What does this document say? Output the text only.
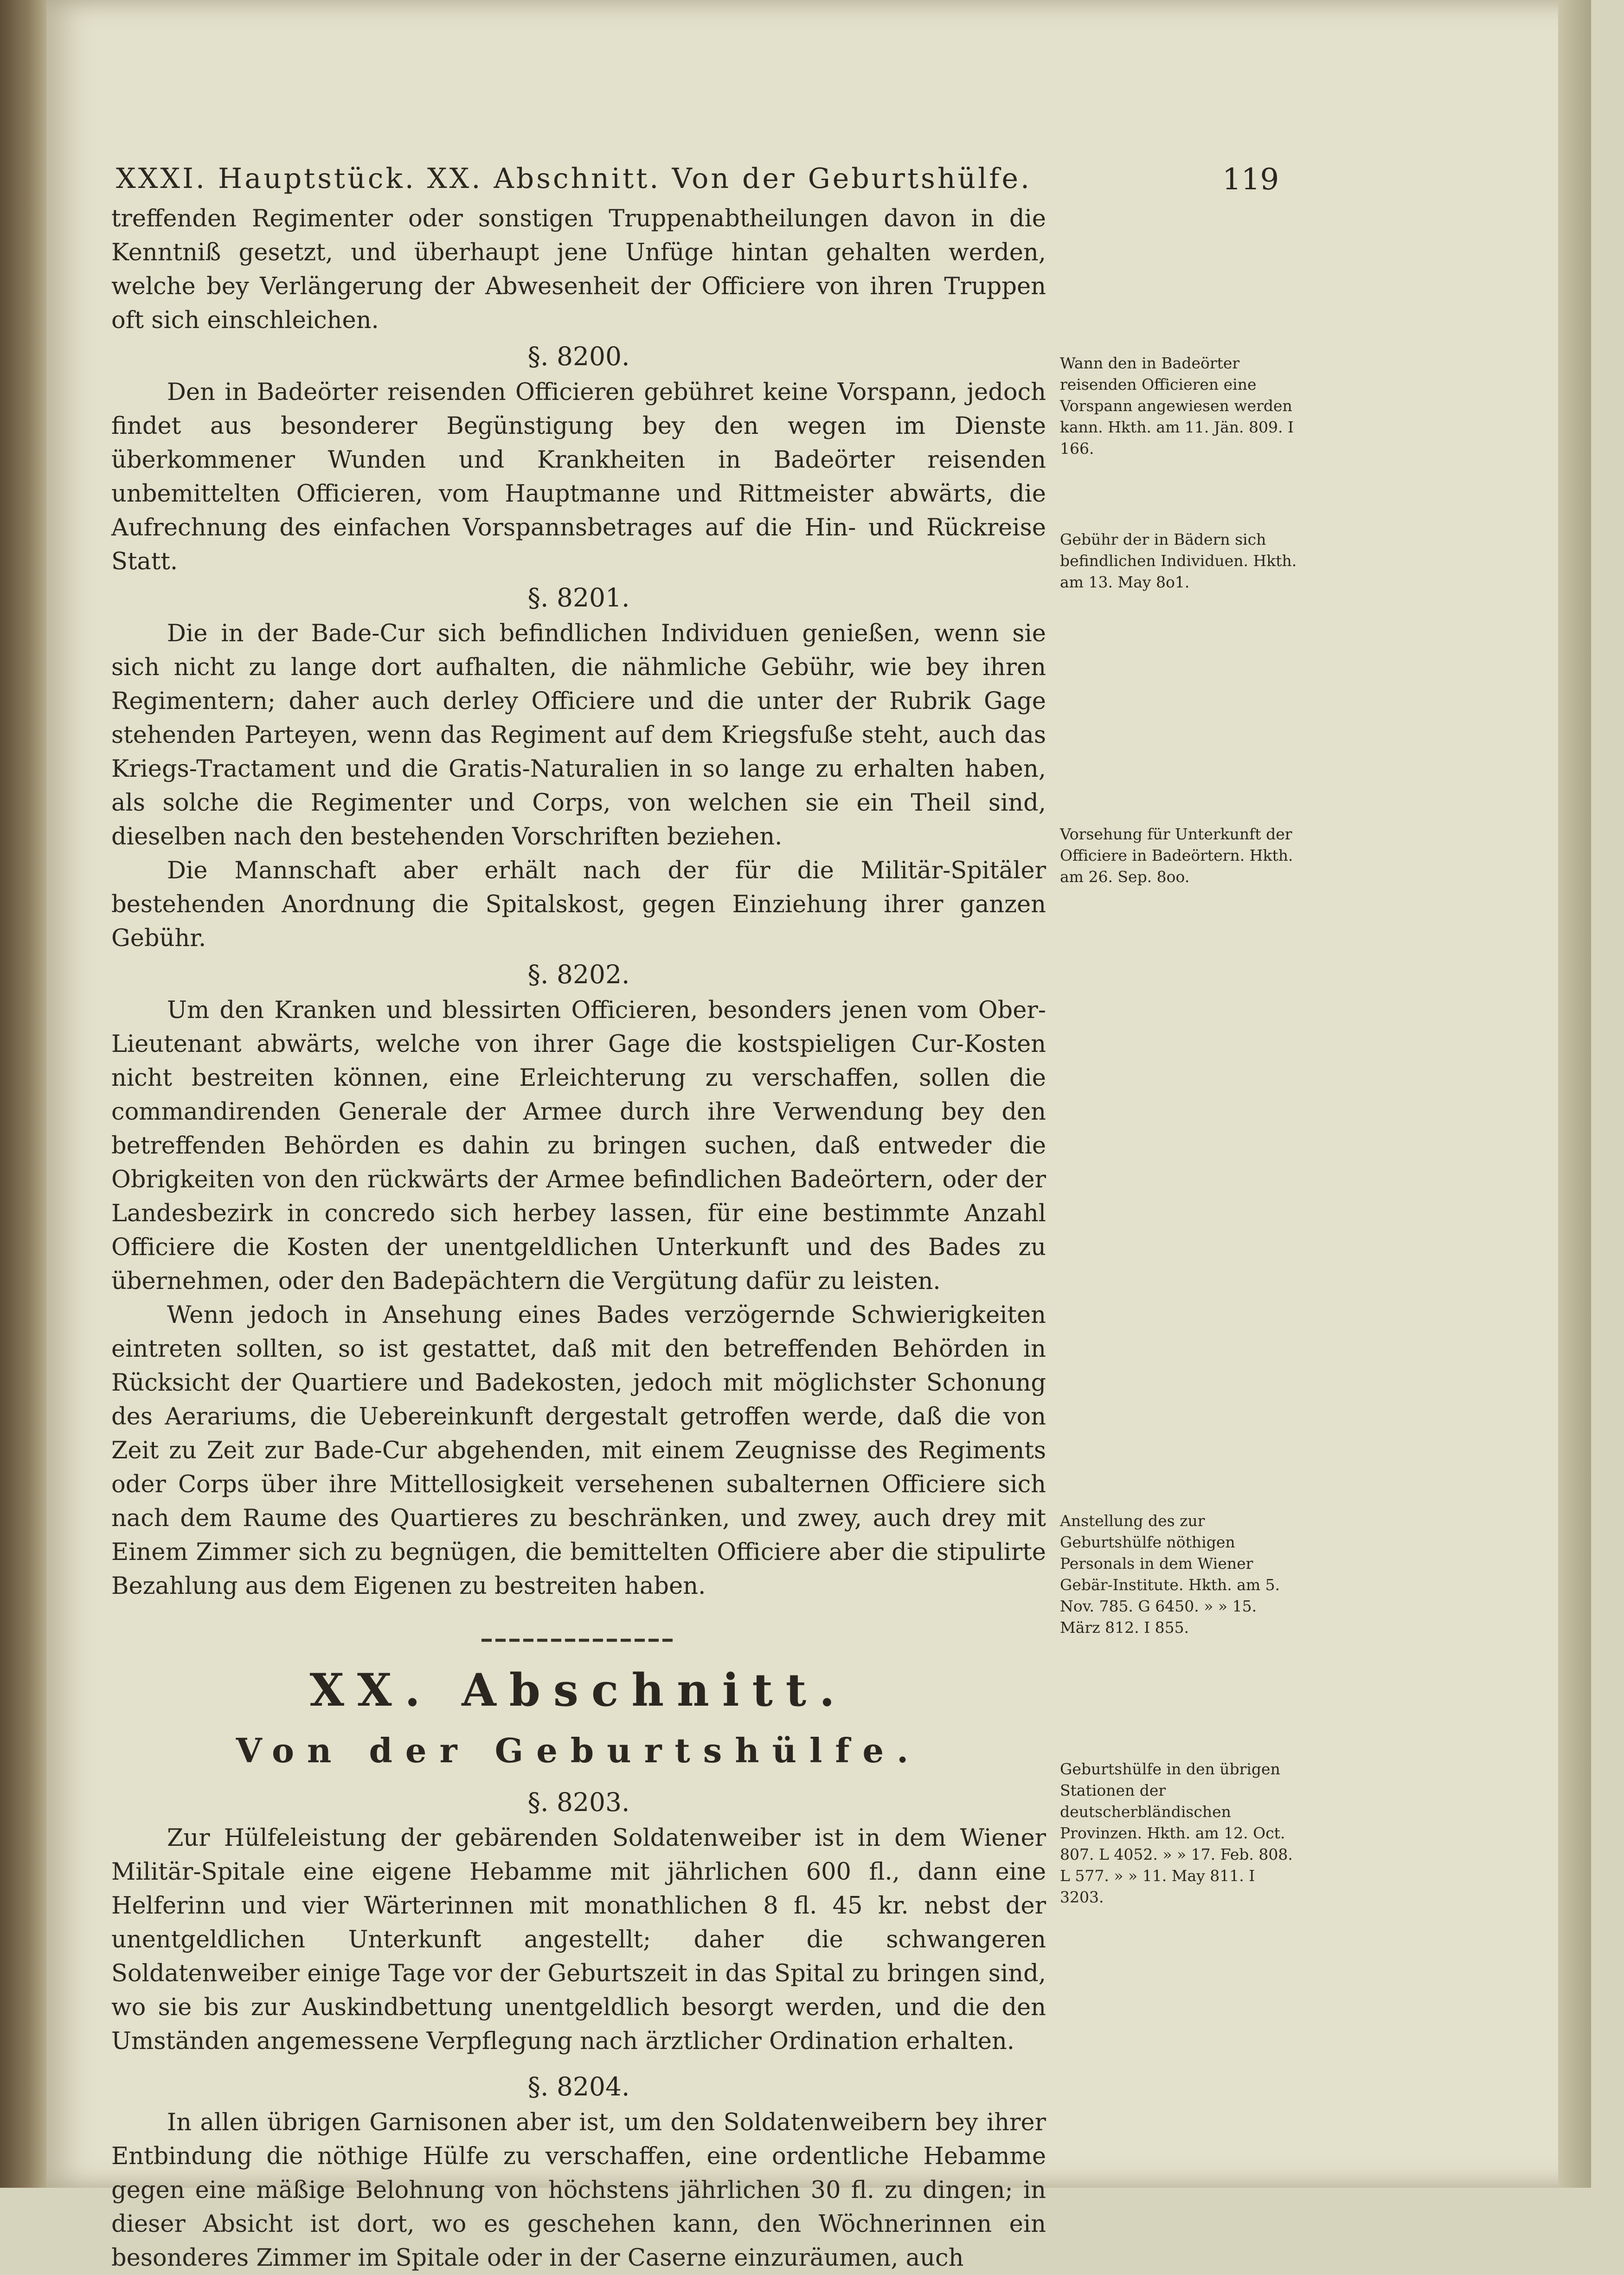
XXXI. Hauptstück. XX. Abschnitt. Von der Geburtshülfe.	119

treffenden Regimenter oder sonstigen Truppenabtheilungen davon in die Kenntniß gesetzt, und überhaupt jene Unfüge hintan gehalten werden, welche bey Verlängerung der Abwesenheit der Officiere von ihren Truppen oft sich einschleichen.

§. 8200.

Den in Badeörter reisenden Officieren gebühret keine Vorspann, jedoch findet aus besonderer Begünstigung bey den wegen im Dienste überkommener Wunden und Krankheiten in Badeörter reisenden unbemittelten Officieren, vom Hauptmanne und Rittmeister abwärts, die Aufrechnung des einfachen Vorspannsbetrages auf die Hin- und Rückreise Statt.

§. 8201.

Die in der Bade-Cur sich befindlichen Individuen genießen, wenn sie sich nicht zu lange dort aufhalten, die nähmliche Gebühr, wie bey ihren Regimentern; daher auch derley Officiere und die unter der Rubrik Gage stehenden Parteyen, wenn das Regiment auf dem Kriegsfuße steht, auch das Kriegs-Tractament und die Gratis-Naturalien in so lange zu erhalten haben, als solche die Regimenter und Corps, von welchen sie ein Theil sind, dieselben nach den bestehenden Vorschriften beziehen.

Die Mannschaft aber erhält nach der für die Militär-Spitäler bestehenden Anordnung die Spitalskost, gegen Einziehung ihrer ganzen Gebühr.

§. 8202.

Um den Kranken und blessirten Officieren, besonders jenen vom Ober-Lieutenant abwärts, welche von ihrer Gage die kostspieligen Cur-Kosten nicht bestreiten können, eine Erleichterung zu verschaffen, sollen die commandirenden Generale der Armee durch ihre Verwendung bey den betreffenden Behörden es dahin zu bringen suchen, daß entweder die Obrigkeiten von den rückwärts der Armee befindlichen Badeörtern, oder der Landesbezirk in concredo sich herbey lassen, für eine bestimmte Anzahl Officiere die Kosten der unentgeldlichen Unterkunft und des Bades zu übernehmen, oder den Badepächtern die Vergütung dafür zu leisten.

Wenn jedoch in Ansehung eines Bades verzögernde Schwierigkeiten eintreten sollten, so ist gestattet, daß mit den betreffenden Behörden in Rücksicht der Quartiere und Badekosten, jedoch mit möglichster Schonung des Aerariums, die Uebereinkunft dergestalt getroffen werde, daß die von Zeit zu Zeit zur Bade-Cur abgehenden, mit einem Zeugnisse des Regiments oder Corps über ihre Mittellosigkeit versehenen subalternen Officiere sich nach dem Raume des Quartieres zu beschränken, und zwey, auch drey mit Einem Zimmer sich zu begnügen, die bemittelten Officiere aber die stipulirte Bezahlung aus dem Eigenen zu bestreiten haben.

XX. Abschnitt.
Von der Geburtshülfe.
§. 8203.

Zur Hülfeleistung der gebärenden Soldatenweiber ist in dem Wiener Militär-Spitale eine eigene Hebamme mit jährlichen 600 fl., dann eine Helferinn und vier Wärterinnen mit monathlichen 8 fl. 45 kr. nebst der unentgeldlichen Unterkunft angestellt; daher die schwangeren Soldatenweiber einige Tage vor der Geburtszeit in das Spital zu bringen sind, wo sie bis zur Auskindbettung unentgeldlich besorgt werden, und die den Umständen angemessene Verpflegung nach ärztlicher Ordination erhalten.

§. 8204.

In allen übrigen Garnisonen aber ist, um den Soldatenweibern bey ihrer Entbindung die nöthige Hülfe zu verschaffen, eine ordentliche Hebamme gegen eine mäßige Belohnung von höchstens jährlichen 30 fl. zu dingen; in dieser Absicht ist dort, wo es geschehen kann, den Wöchnerinnen ein besonderes Zimmer im Spitale oder in der Caserne einzuräumen, auch

Wann den in Badeörter reisenden Officieren eine Vorspann angewiesen werden kann. Hkth. am 11. Jän. 809. I 166.
Gebühr der in Bädern sich befindlichen Individuen. Hkth. am 13. May 8o1.
Vorsehung für Unterkunft der Officiere in Badeörtern. Hkth. am 26. Sep. 8oo.
Anstellung des zur Geburtshülfe nöthigen Personals in dem Wiener Gebär-Institute. Hkth. am 5. Nov. 785. G 6450. » » 15. März 812. I 855.
Geburtshülfe in den übrigen Stationen der deutscherbländischen Provinzen. Hkth. am 12. Oct. 807. L 4052. » » 17. Feb. 808. L 577. » » 11. May 811. I 3203.
